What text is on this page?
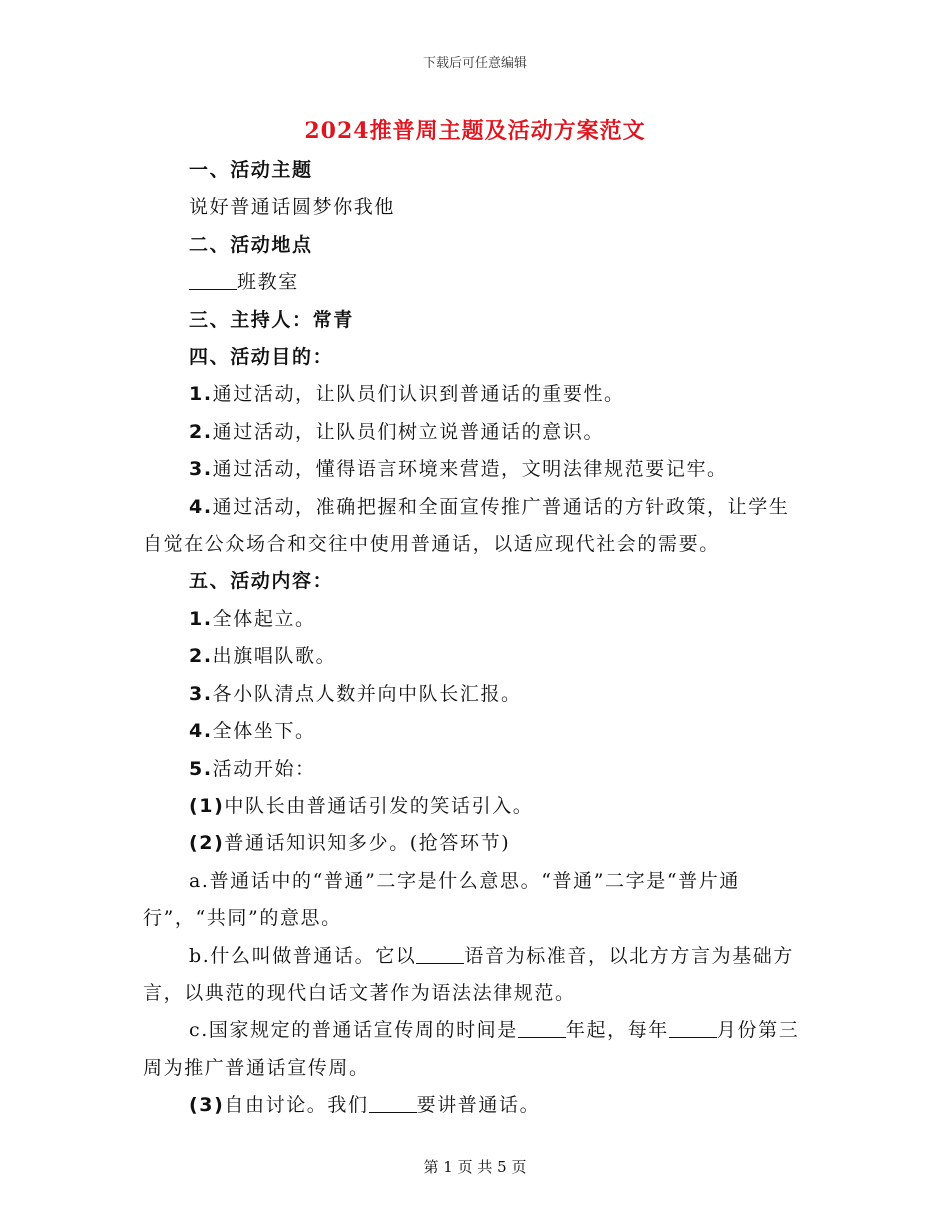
下载后可任意编辑
2024推普周主题及活动方案范文

一、活动主题

说好普通话圆梦你我他

二、活动地点

班教室

三、主持人：常青

四、活动目的：

1.通过活动，让队员们认识到普通话的重要性。

2.通过活动，让队员们树立说普通话的意识。

3.通过活动，懂得语言环境来营造，文明法律规范要记牢。

4.通过活动，准确把握和全面宣传推广普通话的方针政策，让学生自觉在公众场合和交往中使用普通话，以适应现代社会的需要。

五、活动内容：

1.全体起立。

2.出旗唱队歌。

3.各小队清点人数并向中队长汇报。

4.全体坐下。

5.活动开始：

(1)中队长由普通话引发的笑话引入。

(2)普通话知识知多少。(抢答环节)

a.普通话中的“普通”二字是什么意思。“普通”二字是“普片通行”，“共同”的意思。

b.什么叫做普通话。它以	语音为标准音，以北方方言为基础方言，以典范的现代白话文著作为语法法律规范。

c.国家规定的普通话宣传周的时间是	年起，每年	月份第三周为推广普通话宣传周。

(3)自由讨论。我们	要讲普通话。

第 1 页 共 5 页
